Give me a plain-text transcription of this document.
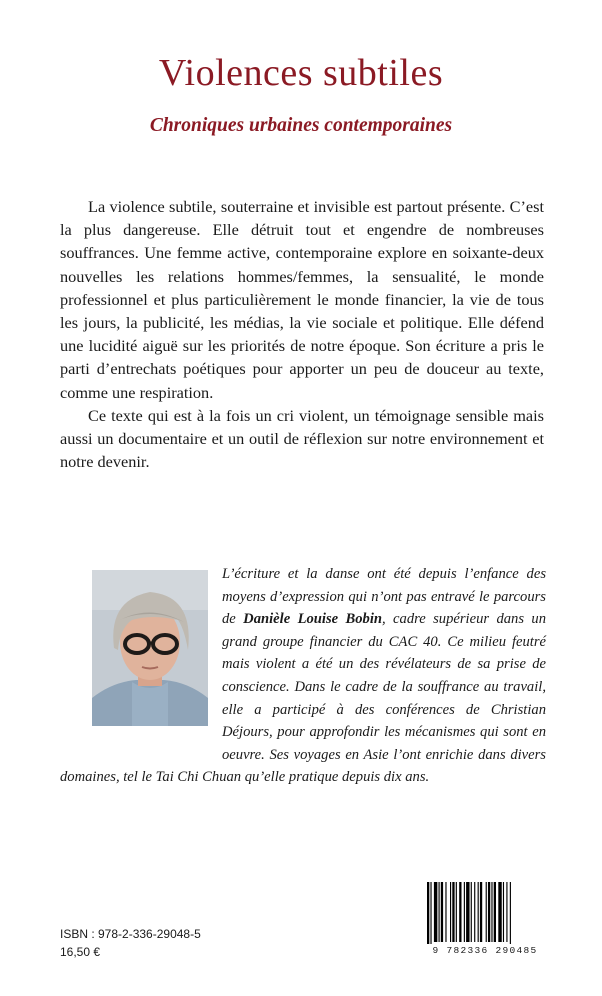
Violences subtiles
Chroniques urbaines contemporaines

La violence subtile, souterraine et invisible est partout présente. C’est la plus dangereuse. Elle détruit tout et engendre de nombreuses souffrances. Une femme active, contemporaine explore en soixante-deux nouvelles les relations hommes/femmes, la sensualité, le monde professionnel et plus particulièrement le monde financier, la vie de tous les jours, la publicité, les médias, la vie sociale et politique. Elle défend une lucidité aiguë sur les priorités de notre époque. Son écriture a pris le parti d’entrechats poétiques pour apporter un peu de douceur au texte, comme une respiration.

Ce texte qui est à la fois un cri violent, un témoignage sensible mais aussi un documentaire et un outil de réflexion sur notre environnement et notre devenir.

L’écriture et la danse ont été depuis l’enfance des moyens d’expression qui n’ont pas entravé le parcours de Danièle Louise Bobin, cadre supérieur dans un grand groupe financier du CAC 40. Ce milieu feutré mais violent a été un des révélateurs de sa prise de conscience. Dans le cadre de la souffrance au travail, elle a participé à des conférences de Christian Déjours, pour approfondir les mécanismes qui sont en oeuvre. Ses voyages en Asie l’ont enrichie dans divers domaines, tel le Tai Chi Chuan qu’elle pratique depuis dix ans.
ISBN : 978-2-336-29048-5
16,50 €	9 782336 290485
